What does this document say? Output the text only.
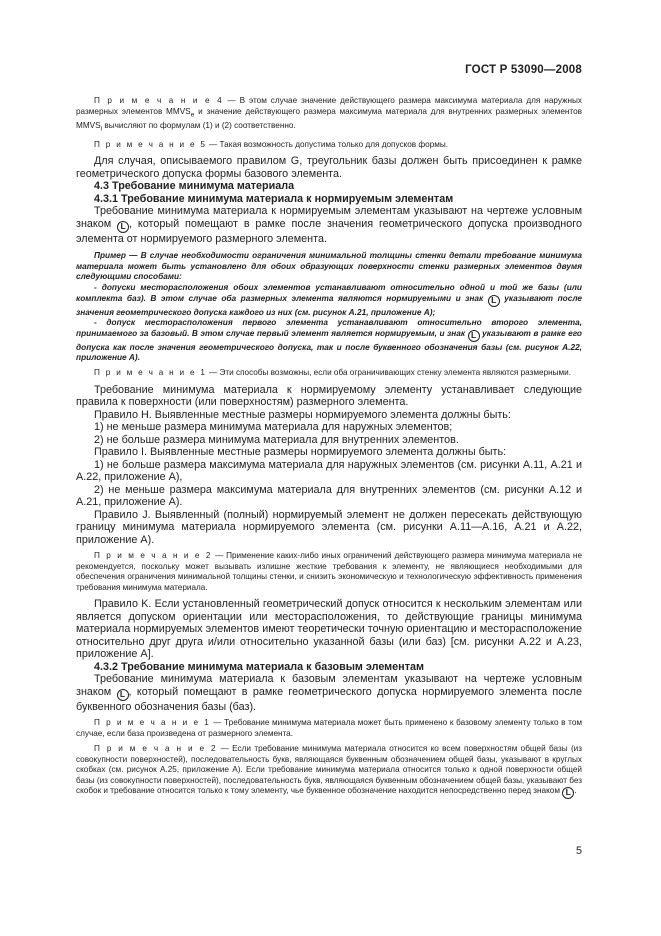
ГОСТ Р 53090—2008

П р и м е ч а н и е 4 — В этом случае значение действующего размера максимума материала для наружных размерных элементов $MMVS_e$ и значение действующего размера максимума материала для внутренних размерных элементов $MMVS_i$ вычисляют по формулам (1) и (2) соответственно.

П р и м е ч а н и е 5 — Такая возможность допустима только для допусков формы.

Для случая, описываемого правилом G, треугольник базы должен быть присоединен к рамке геометрического допуска формы базового элемента.

4.3 Требование минимума материала

4.3.1 Требование минимума материала к нормируемым элементам

Требование минимума материала к нормируемым элементам указывают на чертеже условным знаком L , который помещают в рамке после значения геометрического допуска производного элемента от нормируемого размерного элемента.

Пример — В случае необходимости ограничения минимальной толщины стенки детали требование минимума материала может быть установлено для обоих образующих поверхности стенки размерных элементов двумя следующими способами:

- допуски месторасположения обоих элементов устанавливают относительно одной и той же базы (или комплекта баз). В этом случае оба размерных элемента являются нормируемыми и знак L указывают после значения геометрического допуска каждого из них (см. рисунок А.21, приложение А);

- допуск месторасположения первого элемента устанавливают относительно второго элемента, принимаемого за базовый. В этом случае первый элемент является нормируемым, и знак L указывают в рамке его допуска как после значения геометрического допуска, так и после буквенного обозначения базы (см. рисунок А.22, приложение А).

П р и м е ч а н и е 1 — Эти способы возможны, если оба ограничивающих стенку элемента являются размерными.

Требование минимума материала к нормируемому элементу устанавливает следующие правила к поверхности (или поверхностям) размерного элемента.

Правило H. Выявленные местные размеры нормируемого элемента должны быть:

1) не меньше размера минимума материала для наружных элементов;

2) не больше размера минимума материала для внутренних элементов.

Правило I. Выявленные местные размеры нормируемого элемента должны быть:

1) не больше размера максимума материала для наружных элементов (см. рисунки А.11, А.21 и А.22, приложение А),

2) не меньше размера максимума материала для внутренних элементов (см. рисунки А.12 и А.21, приложение А).

Правило J. Выявленный (полный) нормируемый элемент не должен пересекать действующую границу минимума материала нормируемого элемента (см. рисунки А.11—А.16, А.21 и А.22, приложение А).

П р и м е ч а н и е 2 — Применение каких-либо иных ограничений действующего размера минимума материала не рекомендуется, поскольку может вызывать излишне жесткие требования к элементу, не являющиеся необходимыми для обеспечения ограничения минимальной толщины стенки, и снизить экономическую и технологическую эффективность применения требования минимума материала.

Правило K. Если установленный геометрический допуск относится к нескольким элементам или является допуском ориентации или месторасположения, то действующие границы минимума материала нормируемых элементов имеют теоретически точную ориентацию и месторасположение относительно друг друга и/или относительно указанной базы (или баз) [см. рисунки А.22 и А.23, приложение А].

4.3.2 Требование минимума материала к базовым элементам

Требование минимума материала к базовым элементам указывают на чертеже условным знаком L , который помещают в рамке геометрического допуска нормируемого элемента после буквенного обозначения базы (баз).

П р и м е ч а н и е 1 — Требование минимума материала может быть применено к базовому элементу только в том случае, если база произведена от размерного элемента.

П р и м е ч а н и е 2 — Если требование минимума материала относится ко всем поверхностям общей базы (из совокупности поверхностей), последовательность букв, являющаяся буквенным обозначением общей базы, указывают в круглых скобках (см. рисунок А.25, приложение А). Если требование минимума материала относится только к одной поверхности общей базы (из совокупности поверхностей), последовательность букв, являющаяся буквенным обозначением общей базы, указывают без скобок и требование относится только к тому элементу, чье буквенное обозначение находится непосредственно перед знаком L .

5
